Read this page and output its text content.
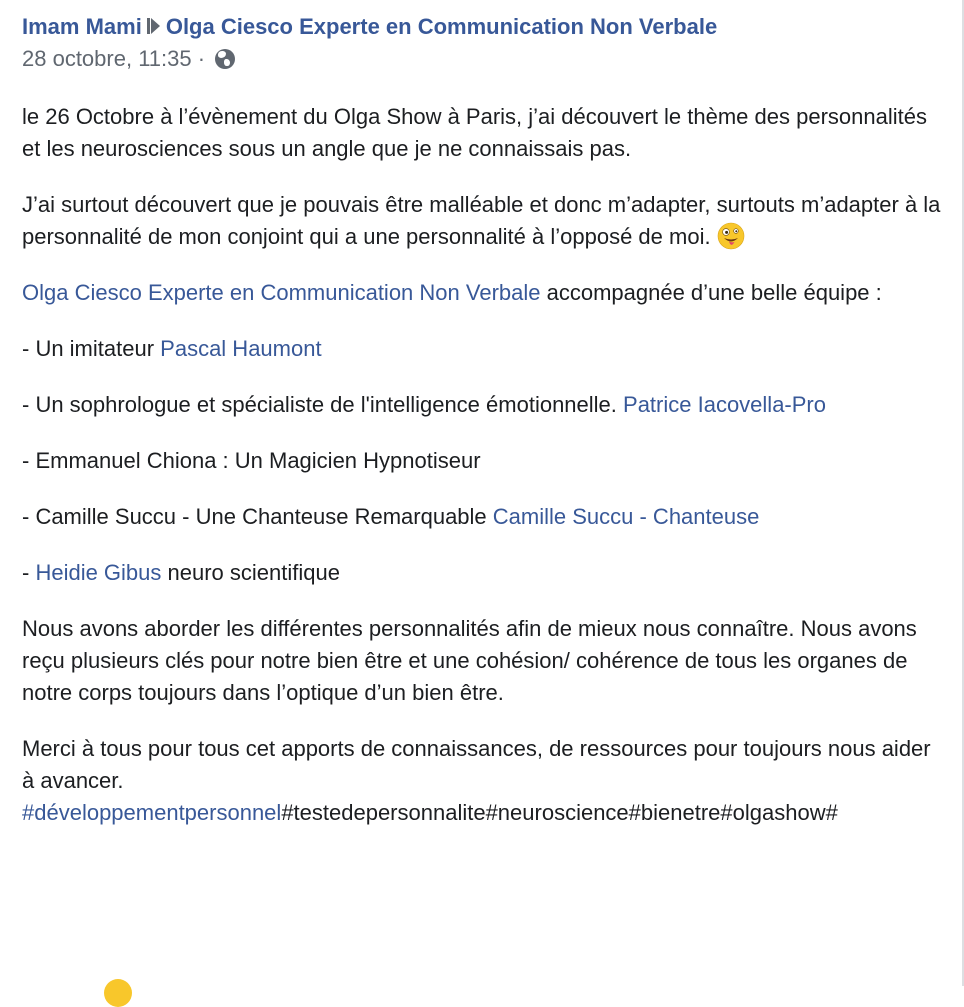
Imam Mami Olga Ciesco Experte en Communication Non Verbale
28 octobre, 11:35 ·

le 26 Octobre à l’évènement du Olga Show à Paris, j’ai découvert le thème des personnalités et les neurosciences sous un angle que je ne connaissais pas.

J’ai surtout découvert que je pouvais être malléable et donc m’adapter, surtouts m’adapter à la personnalité de mon conjoint qui a une personnalité à l’opposé de moi.

Olga Ciesco Experte en Communication Non Verbale accompagnée d’une belle équipe :

- Un imitateur Pascal Haumont

- Un sophrologue et spécialiste de l'intelligence émotionnelle. Patrice Iacovella-Pro

- Emmanuel Chiona : Un Magicien Hypnotiseur

- Camille Succu - Une Chanteuse Remarquable Camille Succu - Chanteuse

- Heidie Gibus neuro scientifique

Nous avons aborder les différentes personnalités afin de mieux nous connaître. Nous avons reçu plusieurs clés pour notre bien être et une cohésion/ cohérence de tous les organes de notre corps toujours dans l’optique d’un bien être.

Merci à tous pour tous cet apports de connaissances, de ressources pour toujours nous aider à avancer.
#développementpersonnel#testedepersonnalite#neuroscience#bienetre#olgashow#
